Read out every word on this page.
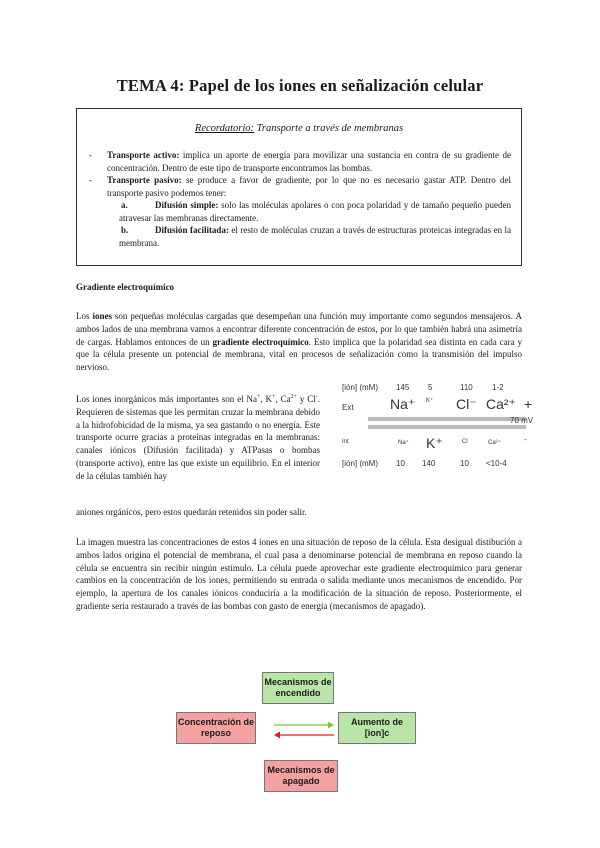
TEMA 4: Papel de los iones en señalización celular
Recordatorio: Transporte a través de membranas
- Transporte activo: implica un aporte de energía para movilizar una sustancia en contra de su gradiente de concentración. Dentro de este tipo de transporte encontramos las bombas.
- Transporte pasivo: se produce a favor de gradiente, por lo que no es necesario gastar ATP. Dentro del transporte pasivo podemos tener:
a.	Difusión simple: solo las moléculas apolares o con poca polaridad y de tamaño pequeño pueden atravesar las membranas directamente.
b.	Difusión facilitada: el resto de moléculas cruzan a través de estructuras proteicas integradas en la membrana.
Gradiente electroquímico
Los iones son pequeñas moléculas cargadas que desempeñan una función muy importante como segundos mensajeros. A ambos lados de una membrana vamos a encontrar diferente concentración de estos, por lo que también habrá una asimetría de cargas. Hablamos entonces de un gradiente electroquímico. Esto implica que la polaridad sea distinta en cada cara y que la célula presente un potencial de membrana, vital en procesos de señalización como la transmisión del impulso nervioso.
Los iones inorgánicos más importantes son el Na+, K+, $Ca^{2+}$ y Cl-. Requieren de sistemas que les permitan cruzar la membrana debido a la hidrofobicidad de la misma, ya sea gastando o no energía. Este transporte ocurre gracias a proteínas integradas en la membranas: canales iónicos (Difusión facilitada) y ATPasas o bombas (transporte activo), entre las que existe un equilibrio. En el interior de la células también hay
aniones orgánicos, pero estos quedarán retenidos sin poder salir.
[ión] (mM) 145 5	110 1-2
Ext	Na⁺ K⁺ Cl⁻ Ca²⁺ +
70 mV
Int	Na⁺ K⁺	Cl	Ca²⁺	-
[ión] (mM) 10 140	10 <10-4
La imagen muestra las concentraciones de estos 4 iones en una situación de reposo de la célula. Esta desigual distibución a ambos lados origina el potencial de membrana, el cual pasa a denominarse potencial de membrana en reposo cuando la célula se encuentra sin recibir ningún estímulo. La célula puede aprovechar este gradiente electroquímico para generar cambios en la concentración de los iones, permitiendo su entrada o salida mediante unos mecanismos de encendido. Por ejemplo, la apertura de los canales iónicos conduciría a la modificación de la situación de reposo. Posteriormente, el gradiente sería restaurado a través de las bombas con gasto de energía (mecanismos de apagado).
Mecanismos de encendido
Concentración de reposo
Aumento de [ion]c
Mecanismos de apagado
